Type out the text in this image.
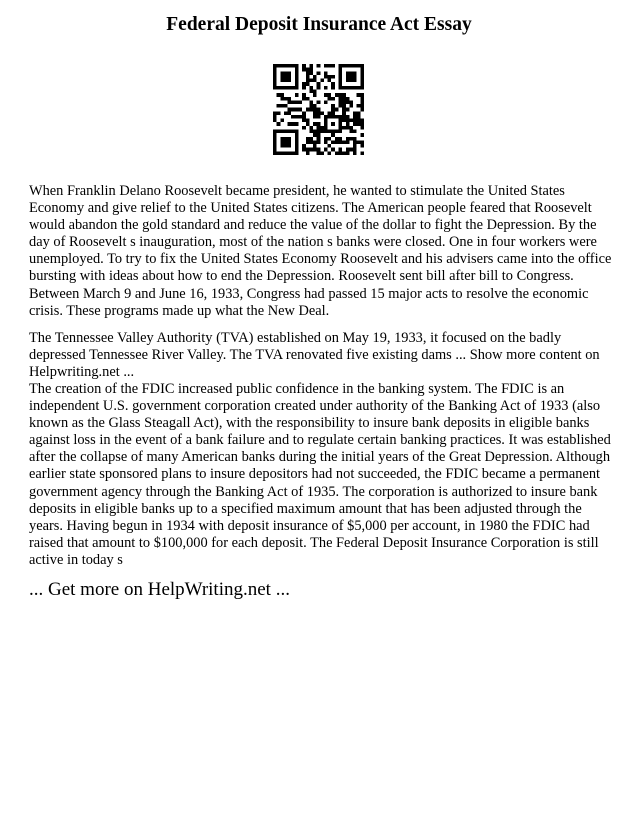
Federal Deposit Insurance Act Essay

When Franklin Delano Roosevelt became president, he wanted to stimulate the United States Economy and give relief to the United States citizens. The American people feared that Roosevelt would abandon the gold standard and reduce the value of the dollar to fight the Depression. By the day of Roosevelt s inauguration, most of the nation s banks were closed. One in four workers were unemployed. To try to fix the United States Economy Roosevelt and his advisers came into the office bursting with ideas about how to end the Depression. Roosevelt sent bill after bill to Congress. Between March 9 and June 16, 1933, Congress had passed 15 major acts to resolve the economic crisis. These programs made up what the New Deal.

The Tennessee Valley Authority (TVA) established on May 19, 1933, it focused on the badly depressed Tennessee River Valley. The TVA renovated five existing dams ... Show more content on Helpwriting.net ...

The creation of the FDIC increased public confidence in the banking system. The FDIC is an independent U.S. government corporation created under authority of the Banking Act of 1933 (also known as the Glass Steagall Act), with the responsibility to insure bank deposits in eligible banks against loss in the event of a bank failure and to regulate certain banking practices. It was established after the collapse of many American banks during the initial years of the Great Depression. Although earlier state sponsored plans to insure depositors had not succeeded, the FDIC became a permanent government agency through the Banking Act of 1935. The corporation is authorized to insure bank deposits in eligible banks up to a specified maximum amount that has been adjusted through the years. Having begun in 1934 with deposit insurance of $5,000 per account, in 1980 the FDIC had raised that amount to $100,000 for each deposit. The Federal Deposit Insurance Corporation is still active in today s

... Get more on HelpWriting.net ...
